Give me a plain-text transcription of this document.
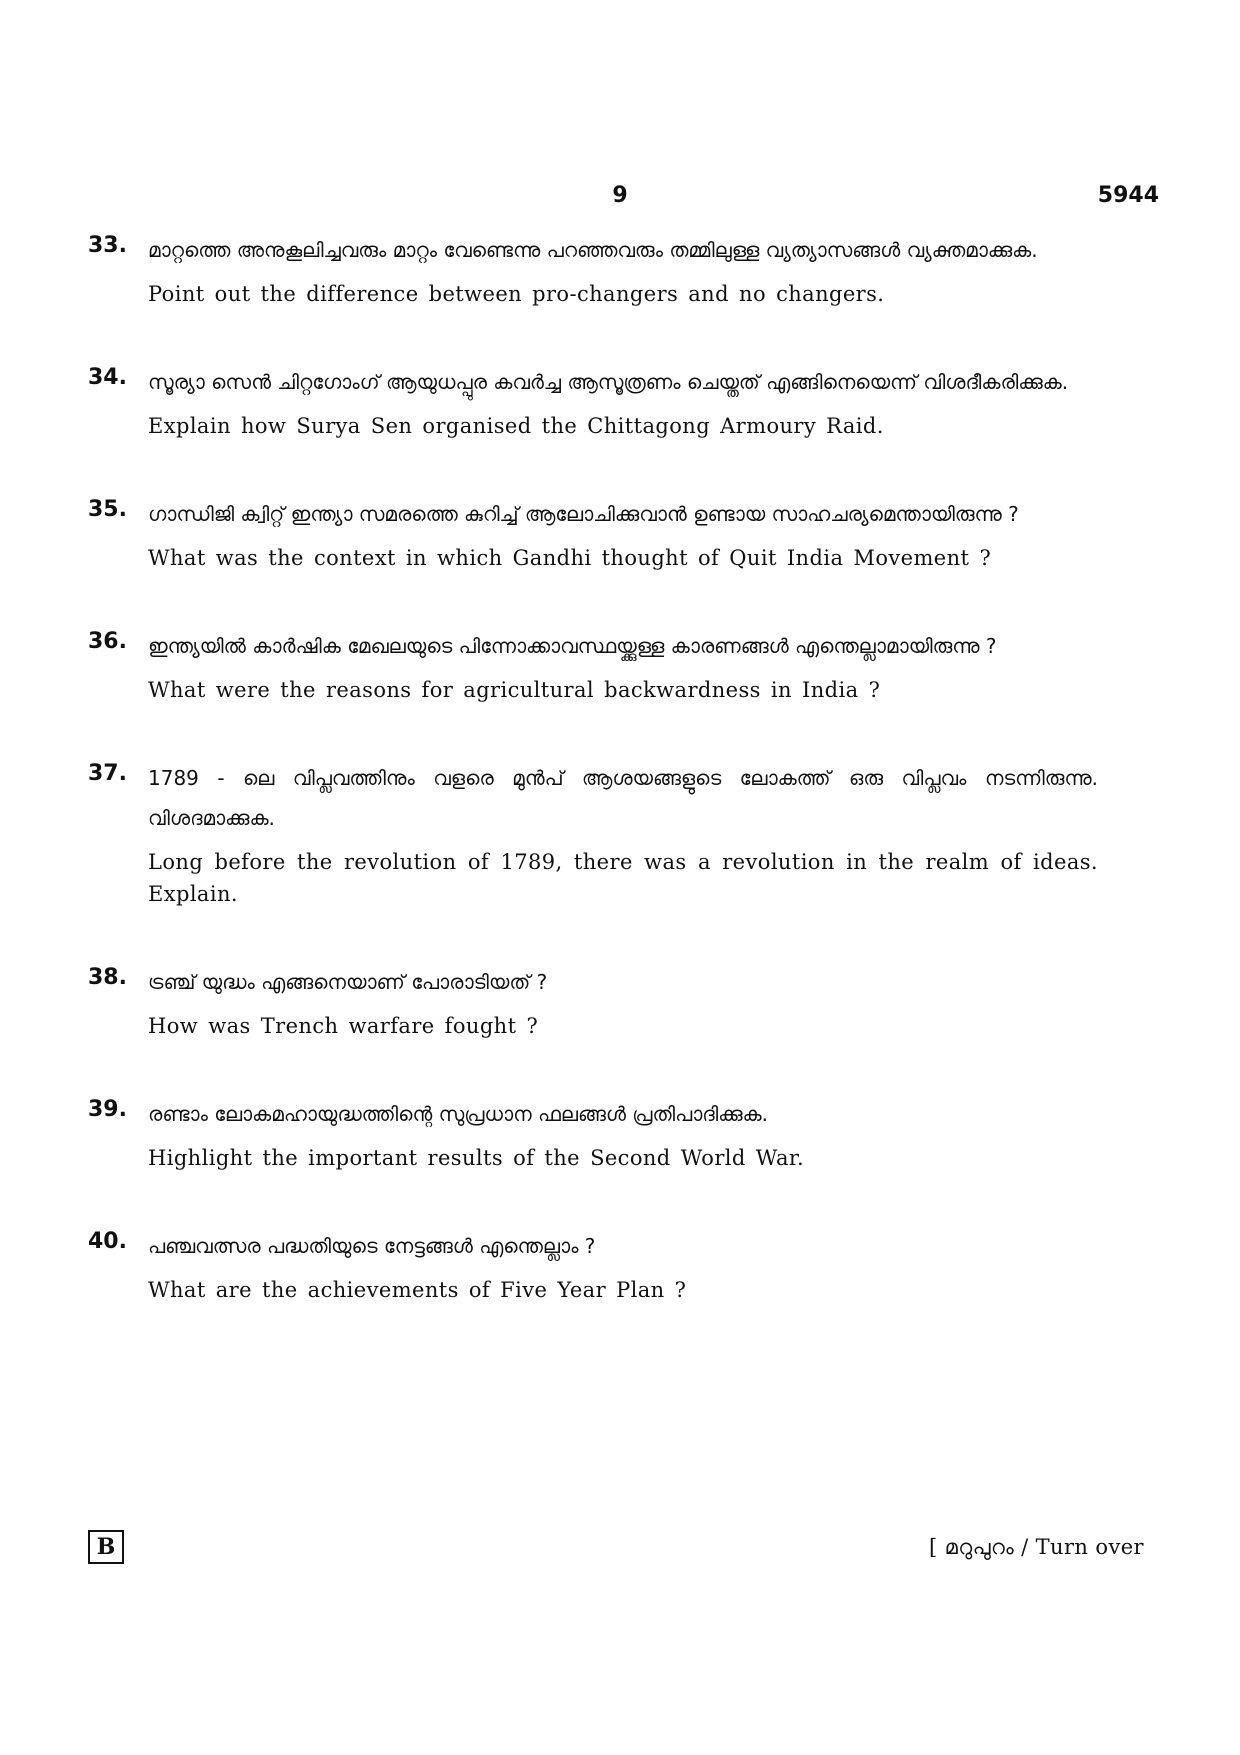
9	5944
33. മാറ്റത്തെ അനുകൂലിച്ചവരും മാറ്റം വേണ്ടെന്നു പറഞ്ഞവരും തമ്മിലുള്ള വ്യത്യാസങ്ങൾ വ്യക്തമാക്കുക.

Point out the difference between pro-changers and no changers.

34. സൂര്യാ സെൻ ചിറ്റഗോംഗ് ആയുധപ്പുര കവർച്ച ആസൂത്രണം ചെയ്തത് എങ്ങിനെയെന്ന് വിശദീകരിക്കുക.

Explain how Surya Sen organised the Chittagong Armoury Raid.

35. ഗാന്ധിജി ക്വിറ്റ് ഇന്ത്യാ സമരത്തെ കുറിച്ച് ആലോചിക്കുവാൻ ഉണ്ടായ സാഹചര്യമെന്തായിരുന്നു ?

What was the context in which Gandhi thought of Quit India Movement ?

36. ഇന്ത്യയിൽ കാർഷിക മേഖലയുടെ പിന്നോക്കാവസ്ഥയ്ക്കുള്ള കാരണങ്ങൾ എന്തെല്ലാമായിരുന്നു ?

What were the reasons for agricultural backwardness in India ?

37. 1789 - ലെ വിപ്ലവത്തിനും വളരെ മുൻപ് ആശയങ്ങളുടെ ലോകത്ത് ഒരു വിപ്ലവം നടന്നിരുന്നു. വിശദമാക്കുക.

Long before the revolution of 1789, there was a revolution in the realm of ideas. Explain.

38. ട്രഞ്ച് യുദ്ധം എങ്ങനെയാണ് പോരാടിയത് ?

How was Trench warfare fought ?

39. രണ്ടാം ലോകമഹായുദ്ധത്തിന്റെ സുപ്രധാന ഫലങ്ങൾ പ്രതിപാദിക്കുക.

Highlight the important results of the Second World War.

40. പഞ്ചവത്സര പദ്ധതിയുടെ നേട്ടങ്ങൾ എന്തെല്ലാം ?

What are the achievements of Five Year Plan ?

B	[ മറുപുറം / Turn over
